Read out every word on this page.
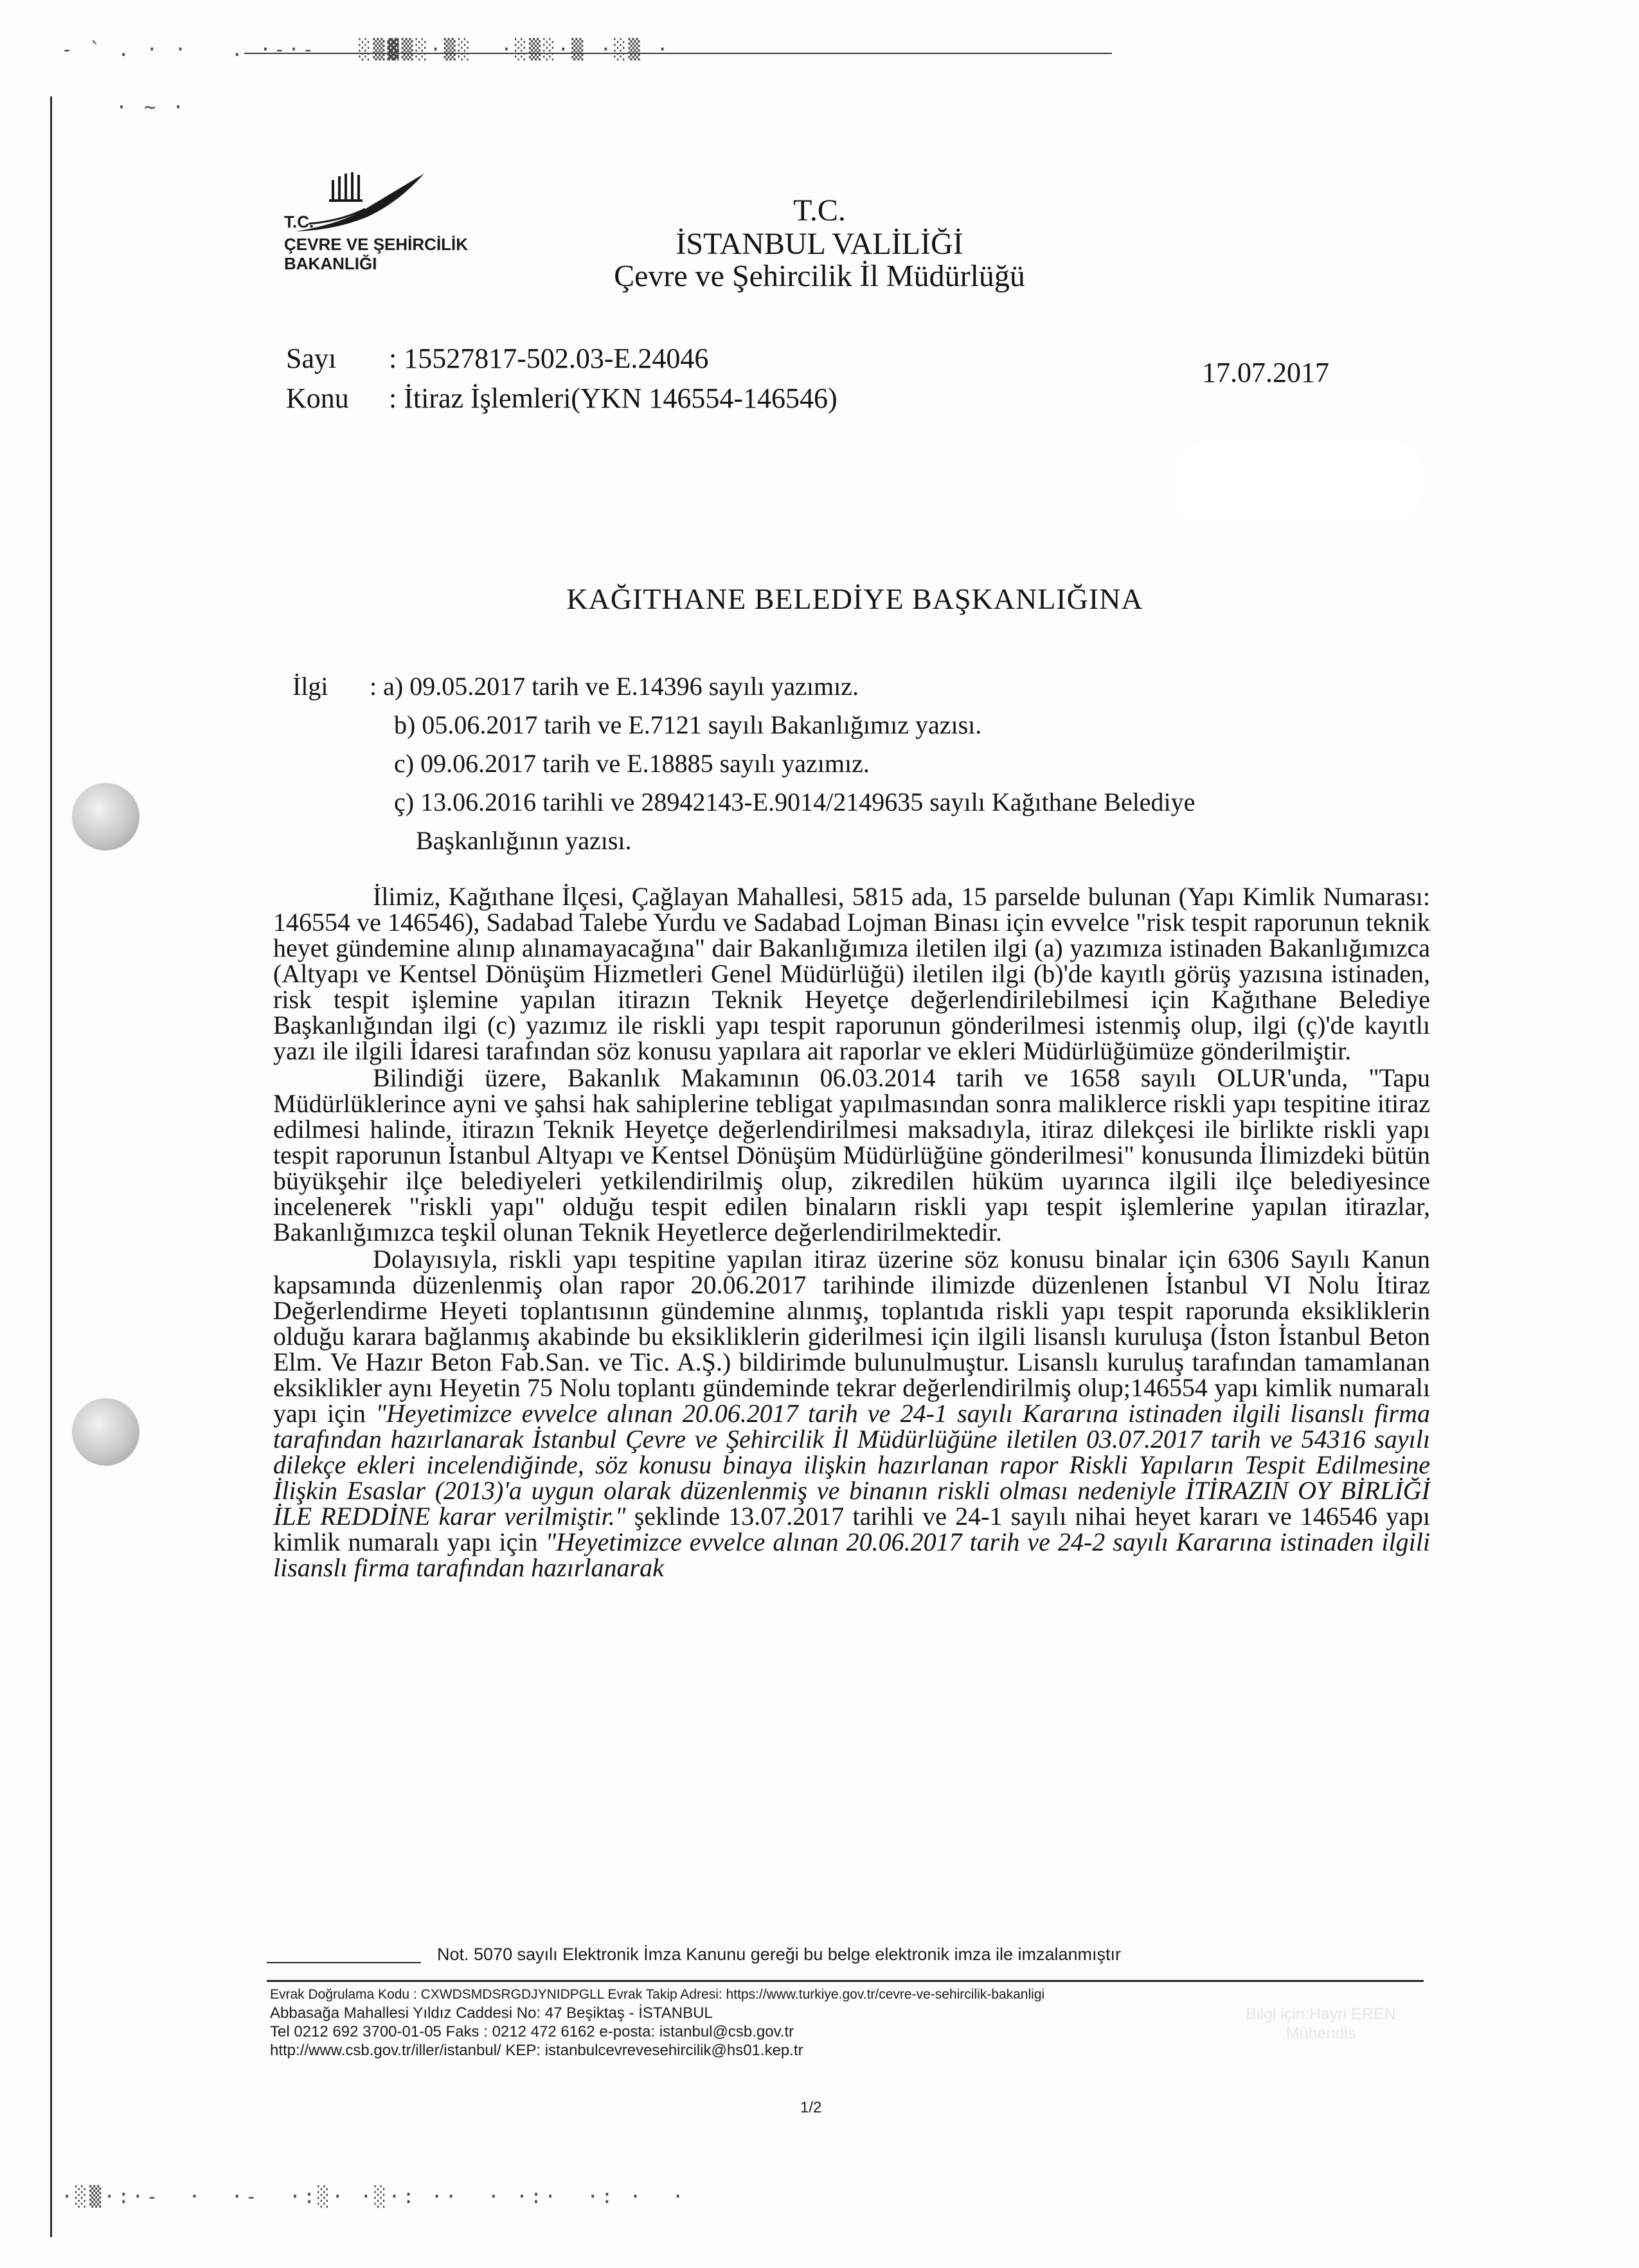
- ` . · ·   . ·-·-   ░▒▓▒░·▒░  ·░▒░·▒ ·░▒ ·
· ~ ·
·░▒·:·-  ·  ·- ·:░· ·░·: ··  · ·:·  ·: ·  ·
T.C.
ÇEVRE VE ŞEHİRCİLİK
BAKANLIĞI
T.C.
İSTANBUL VALİLİĞİ
Çevre ve Şehircilik İl Müdürlüğü
Sayı : 15527817-502.03-E.24046
Konu : İtiraz İşlemleri(YKN 146554-146546)
17.07.2017
KAĞITHANE BELEDİYE BAŞKANLIĞINA
İlgi : a) 09.05.2017 tarih ve E.14396 sayılı yazımız.
b) 05.06.2017 tarih ve E.7121 sayılı Bakanlığımız yazısı.
c) 09.06.2017 tarih ve E.18885 sayılı yazımız.
ç) 13.06.2016 tarihli ve 28942143-E.9014/2149635 sayılı Kağıthane Belediye
Başkanlığının yazısı.

İlimiz, Kağıthane İlçesi, Çağlayan Mahallesi, 5815 ada, 15 parselde bulunan (Yapı Kimlik Numarası: 146554 ve 146546), Sadabad Talebe Yurdu ve Sadabad Lojman Binası için evvelce "risk tespit raporunun teknik heyet gündemine alınıp alınamayacağına" dair Bakanlığımıza iletilen ilgi (a) yazımıza istinaden Bakanlığımızca (Altyapı ve Kentsel Dönüşüm Hizmetleri Genel Müdürlüğü) iletilen ilgi (b)'de kayıtlı görüş yazısına istinaden, risk tespit işlemine yapılan itirazın Teknik Heyetçe değerlendirilebilmesi için Kağıthane Belediye Başkanlığından ilgi (c) yazımız ile riskli yapı tespit raporunun gönderilmesi istenmiş olup, ilgi (ç)'de kayıtlı yazı ile ilgili İdaresi tarafından söz konusu yapılara ait raporlar ve ekleri Müdürlüğümüze gönderilmiştir.

Bilindiği üzere, Bakanlık Makamının 06.03.2014 tarih ve 1658 sayılı OLUR'unda, "Tapu Müdürlüklerince ayni ve şahsi hak sahiplerine tebligat yapılmasından sonra maliklerce riskli yapı tespitine itiraz edilmesi halinde, itirazın Teknik Heyetçe değerlendirilmesi maksadıyla, itiraz dilekçesi ile birlikte riskli yapı tespit raporunun İstanbul Altyapı ve Kentsel Dönüşüm Müdürlüğüne gönderilmesi" konusunda İlimizdeki bütün büyükşehir ilçe belediyeleri yetkilendirilmiş olup, zikredilen hüküm uyarınca ilgili ilçe belediyesince incelenerek "riskli yapı" olduğu tespit edilen binaların riskli yapı tespit işlemlerine yapılan itirazlar, Bakanlığımızca teşkil olunan Teknik Heyetlerce değerlendirilmektedir.

Dolayısıyla, riskli yapı tespitine yapılan itiraz üzerine söz konusu binalar için 6306 Sayılı Kanun kapsamında düzenlenmiş olan rapor 20.06.2017 tarihinde ilimizde düzenlenen İstanbul VI Nolu İtiraz Değerlendirme Heyeti toplantısının gündemine alınmış, toplantıda riskli yapı tespit raporunda eksikliklerin olduğu karara bağlanmış akabinde bu eksikliklerin giderilmesi için ilgili lisanslı kuruluşa (İston İstanbul Beton Elm. Ve Hazır Beton Fab.San. ve Tic. A.Ş.) bildirimde bulunulmuştur. Lisanslı kuruluş tarafından tamamlanan eksiklikler aynı Heyetin 75 Nolu toplantı gündeminde tekrar değerlendirilmiş olup;146554 yapı kimlik numaralı yapı için "Heyetimizce evvelce alınan 20.06.2017 tarih ve 24-1 sayılı Kararına istinaden ilgili lisanslı firma tarafından hazırlanarak İstanbul Çevre ve Şehircilik İl Müdürlüğüne iletilen 03.07.2017 tarih ve 54316 sayılı dilekçe ekleri incelendiğinde, söz konusu binaya ilişkin hazırlanan rapor Riskli Yapıların Tespit Edilmesine İlişkin Esaslar (2013)'a uygun olarak düzenlenmiş ve binanın riskli olması nedeniyle İTİRAZIN OY BİRLİĞİ İLE REDDİNE karar verilmiştir." şeklinde 13.07.2017 tarihli ve 24-1 sayılı nihai heyet kararı ve 146546 yapı kimlik numaralı yapı için "Heyetimizce evvelce alınan 20.06.2017 tarih ve 24-2 sayılı Kararına istinaden ilgili lisanslı firma tarafından hazırlanarak

Not. 5070 sayılı Elektronik İmza Kanunu gereği bu belge elektronik imza ile imzalanmıştır
Evrak Doğrulama Kodu : CXWDSMDSRGDJYNIDPGLL Evrak Takip Adresi: https://www.turkiye.gov.tr/cevre-ve-sehircilik-bakanligi
Abbasağa Mahallesi Yıldız Caddesi No: 47 Beşiktaş - İSTANBUL
Tel 0212 692 3700-01-05 Faks : 0212 472 6162 e-posta: istanbul@csb.gov.tr
http://www.csb.gov.tr/iller/istanbul/ KEP: istanbulcevrevesehircilik@hs01.kep.tr
Bilgi için:Hayri EREN
Mühendis
1/2
